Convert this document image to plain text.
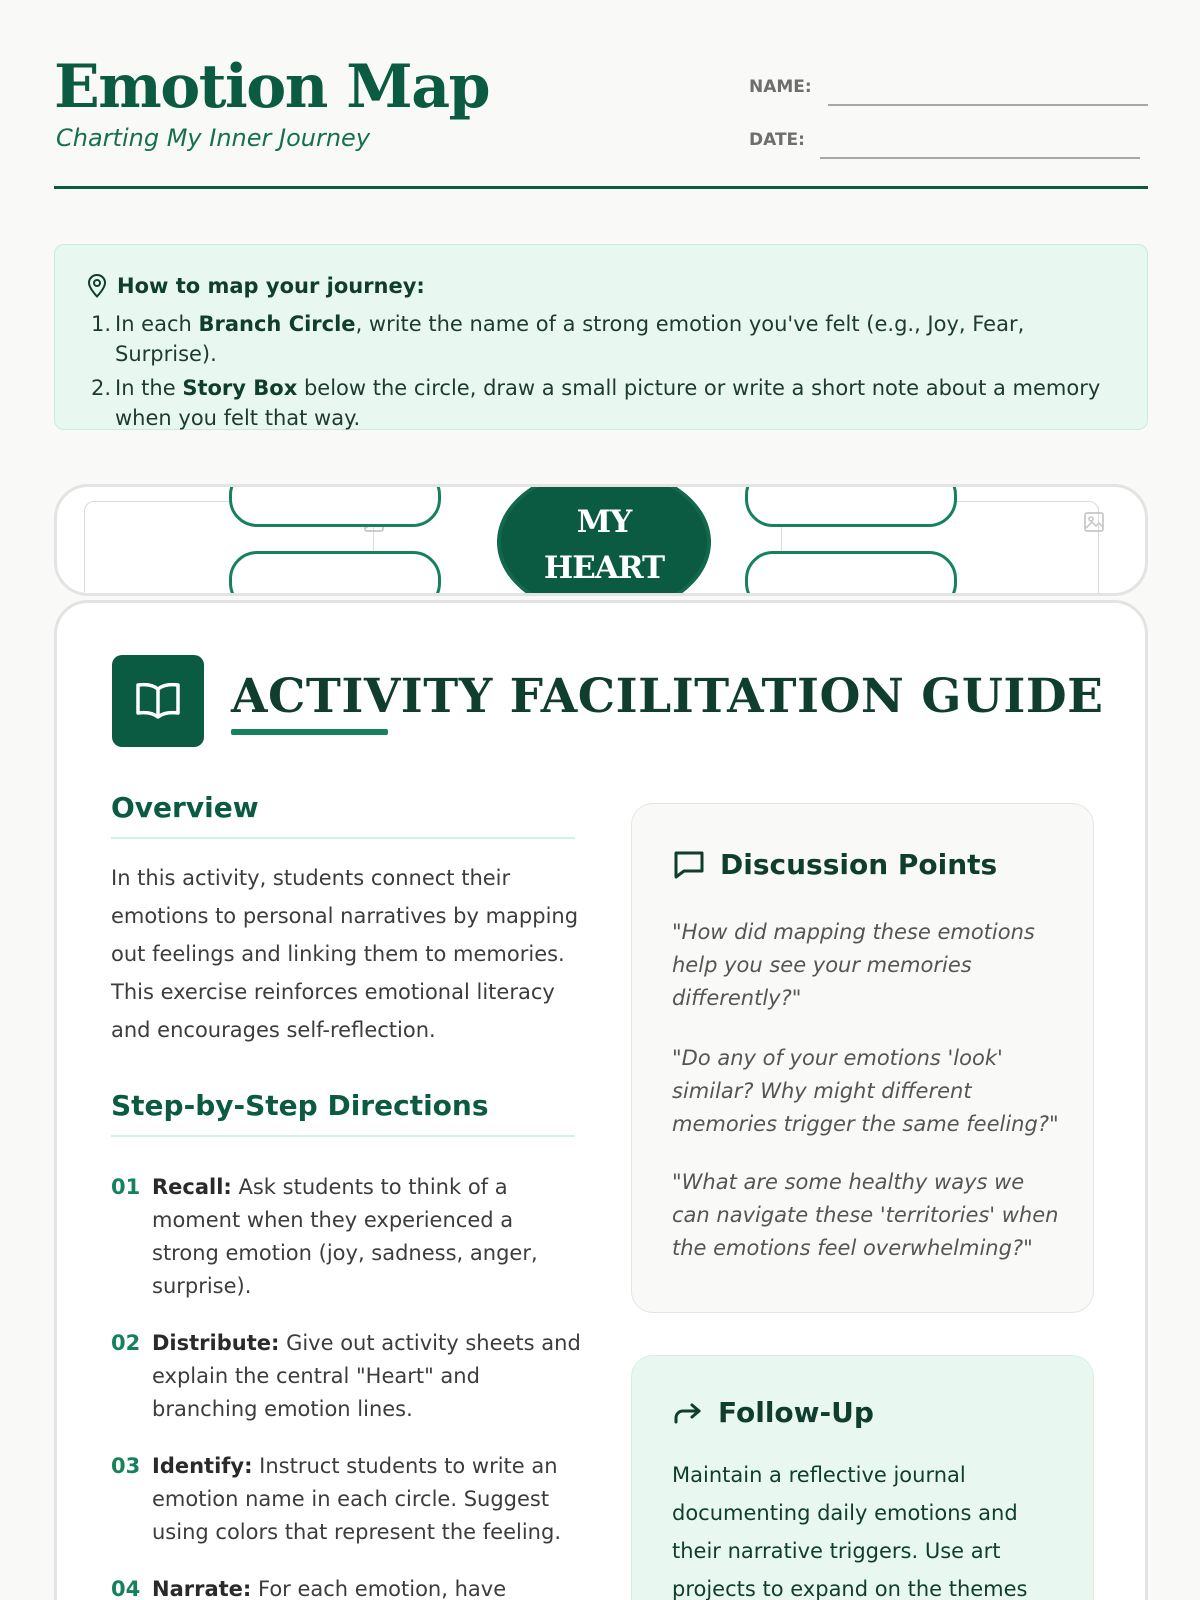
Emotion Map
Charting My Inner Journey
NAME:
DATE:
How to map your journey:
1. In each Branch Circle, write the name of a strong emotion you've felt (e.g., Joy, Fear, Surprise).
2. In the Story Box below the circle, draw a small picture or write a short note about a memory when you felt that way.
MY
HEART
ACTIVITY FACILITATION GUIDE
Overview
In this activity, students connect their emotions to personal narratives by mapping out feelings and linking them to memories. This exercise reinforces emotional literacy and encourages self-reflection.
Step-by-Step Directions
01 Recall: Ask students to think of a moment when they experienced a strong emotion (joy, sadness, anger, surprise).
02 Distribute: Give out activity sheets and explain the central "Heart" and branching emotion lines.
03 Identify: Instruct students to write an emotion name in each circle. Suggest using colors that represent the feeling.
04 Narrate: For each emotion, have
Discussion Points
"How did mapping these emotions help you see your memories differently?"
"Do any of your emotions 'look' similar? Why might different memories trigger the same feeling?"
"What are some healthy ways we can navigate these 'territories' when the emotions feel overwhelming?"
Follow-Up
Maintain a reflective journal documenting daily emotions and their narrative triggers. Use art projects to expand on the themes
